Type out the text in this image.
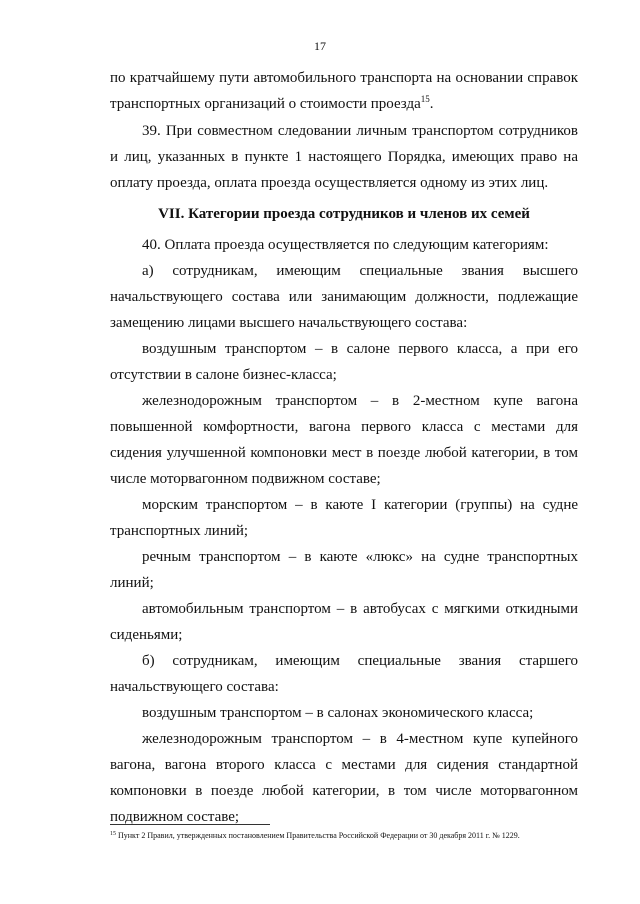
17
по кратчайшему пути автомобильного транспорта на основании справок
транспортных организаций о стоимости проезда$^{15}$.
39. При совместном следовании личным транспортом сотрудников
и лиц, указанных в пункте 1 настоящего Порядка, имеющих право на
оплату проезда, оплата проезда осуществляется одному из этих лиц.
VII. Категории проезда сотрудников и членов их семей
40. Оплата проезда осуществляется по следующим категориям:
а) сотрудникам, имеющим специальные звания высшего
начальствующего состава или занимающим должности, подлежащие
замещению лицами высшего начальствующего состава:
воздушным транспортом – в салоне первого класса, а при его
отсутствии в салоне бизнес-класса;
железнодорожным транспортом – в 2-местном купе вагона
повышенной комфортности, вагона первого класса с местами для
сидения улучшенной компоновки мест в поезде любой категории, в том
числе моторвагонном подвижном составе;
морским транспортом – в каюте I категории (группы) на судне
транспортных линий;
речным транспортом – в каюте «люкс» на судне транспортных
линий;
автомобильным транспортом – в автобусах с мягкими откидными
сиденьями;
б) сотрудникам, имеющим специальные звания старшего
начальствующего состава:
воздушным транспортом – в салонах экономического класса;
железнодорожным транспортом – в 4-местном купе купейного
вагона, вагона второго класса с местами для сидения стандартной
компоновки в поезде любой категории, в том числе моторвагонном
подвижном составе;
$^{15}$ Пункт 2 Правил, утвержденных постановлением Правительства Российской Федерации от 30 декабря 2011 г. № 1229.
